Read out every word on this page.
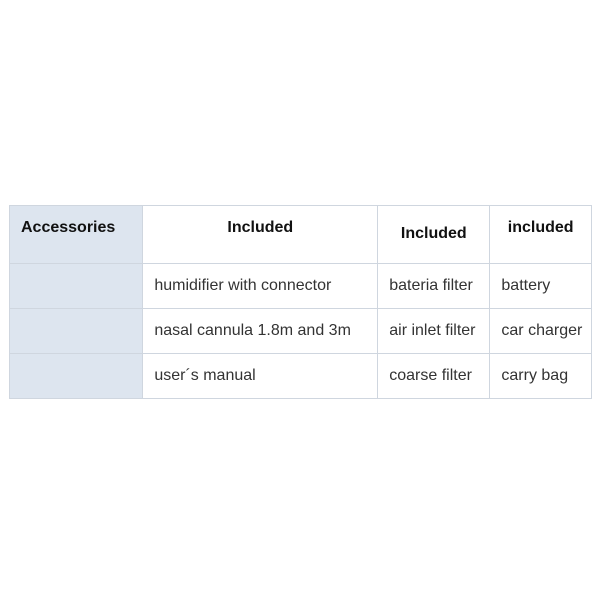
Accessories	Included	Included	included
	humidifier with connector	bateria filter	battery
	nasal cannula 1.8m and 3m	air inlet filter	car charger
	user´s manual	coarse filter	carry bag
